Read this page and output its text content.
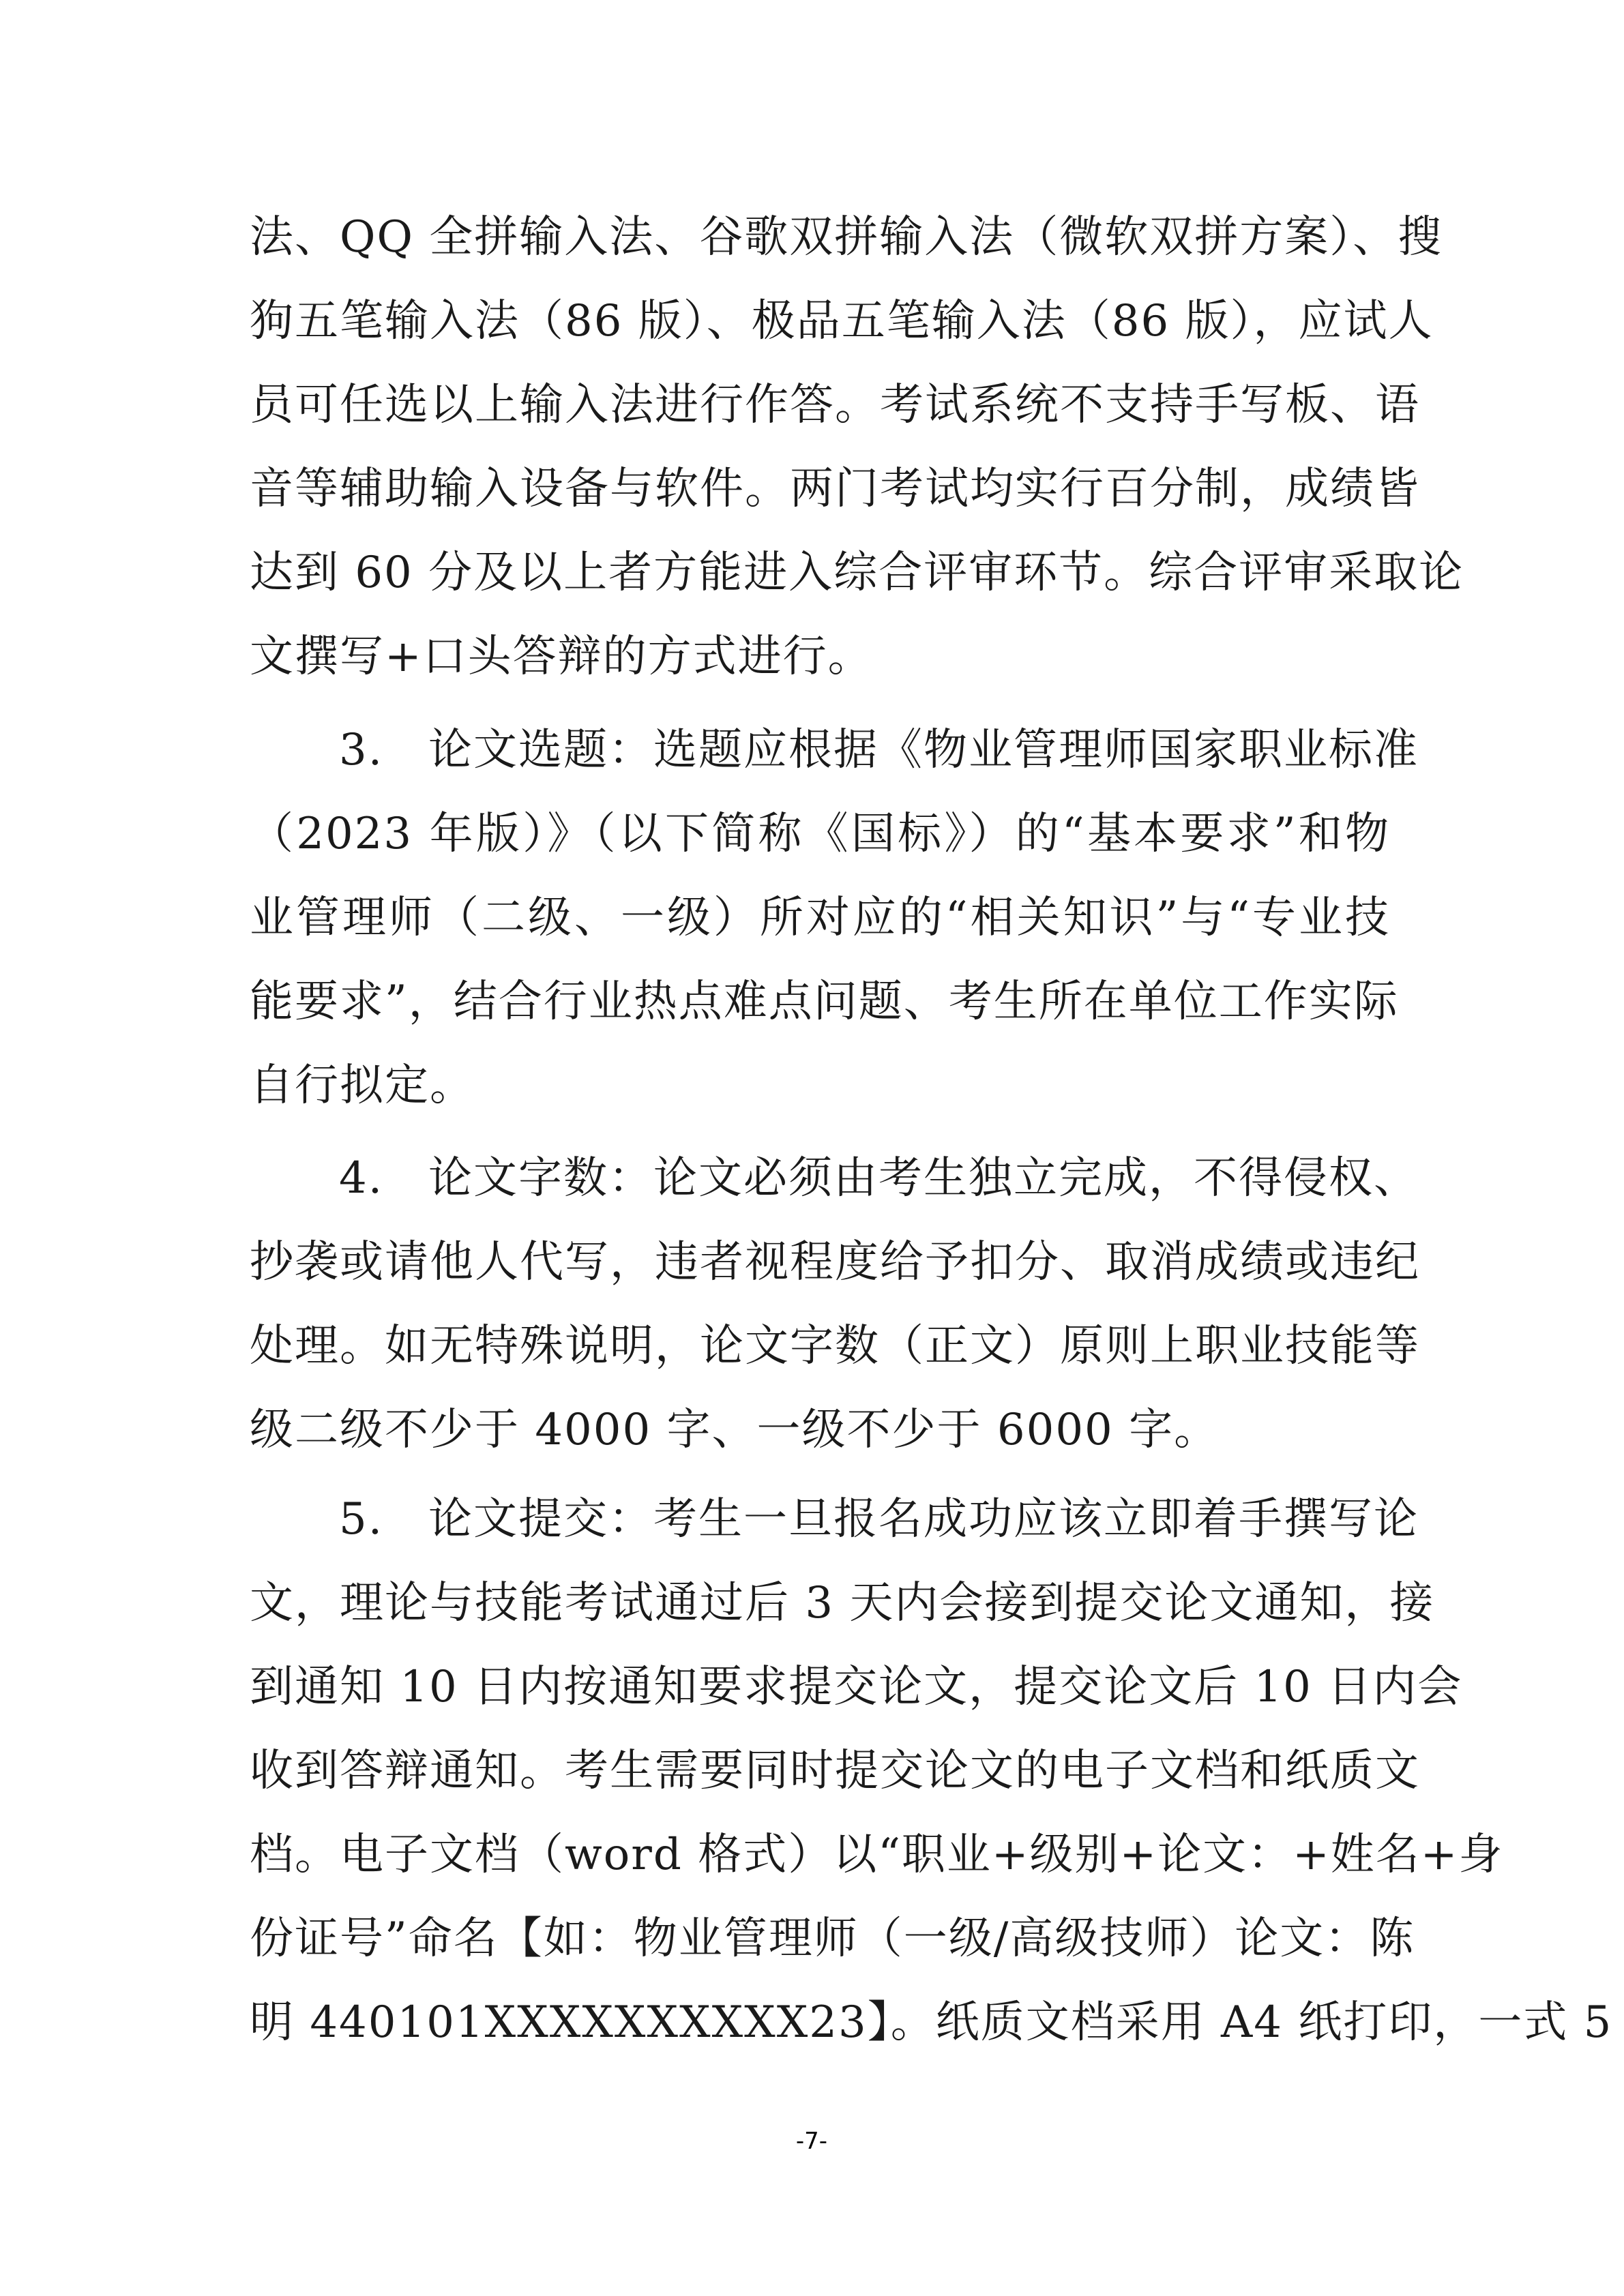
法、QQ 全拼输入法、谷歌双拼输入法（微软双拼方案）、搜
狗五笔输入法（86 版）、极品五笔输入法（86 版），应试人
员可任选以上输入法进行作答。考试系统不支持手写板、语
音等辅助输入设备与软件。两门考试均实行百分制，成绩皆
达到 60 分及以上者方能进入综合评审环节。综合评审采取论
文撰写+口头答辩的方式进行。
3.　论文选题：选题应根据《物业管理师国家职业标准
（2023 年版）》（以下简称《国标》）的“基本要求”和物
业管理师（二级、一级）所对应的“相关知识”与“专业技
能要求”，结合行业热点难点问题、考生所在单位工作实际
自行拟定。
4.　论文字数：论文必须由考生独立完成，不得侵权、
抄袭或请他人代写，违者视程度给予扣分、取消成绩或违纪
处理。如无特殊说明，论文字数（正文）原则上职业技能等
级二级不少于 4000 字、一级不少于 6000 字。
5.　论文提交：考生一旦报名成功应该立即着手撰写论
文，理论与技能考试通过后 3 天内会接到提交论文通知，接
到通知 10 日内按通知要求提交论文，提交论文后 10 日内会
收到答辩通知。考生需要同时提交论文的电子文档和纸质文
档。电子文档（word 格式）以“职业+级别+论文：+姓名+身
份证号”命名【如：物业管理师（一级/高级技师）论文：陈
明 440101XXXXXXXXXX23】。纸质文档采用 A4 纸打印，一式 5
-7-
